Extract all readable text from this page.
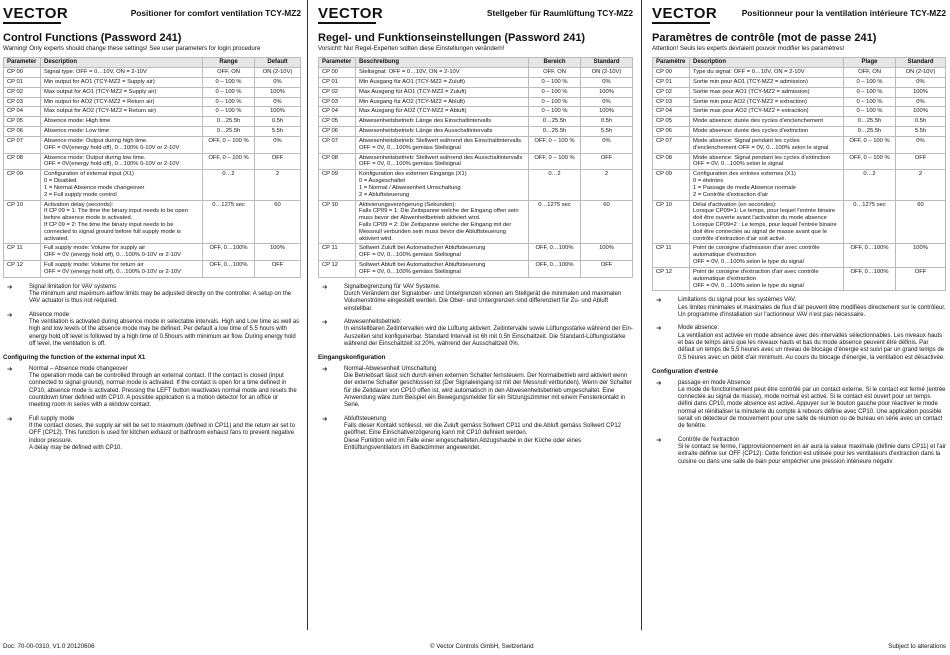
VECTOR	Positioner for comfort ventilation TCY-MZ2
Control Functions (Password 241)
Warning! Only experts should change these settings! See user parameters for login procedure
Parameter	Description	Range	Default
CP 00	Signal type: OFF = 0…10V, ON = 2-10V	OFF, ON	ON (2-10V)
CP 01	Min output for AO1 (TCY-MZ2 = Supply air)	0 – 100 %	0%
CP 02	Max output for AO1 (TCY-MZ2 = Supply air)	0 – 100 %	100%
CP 03	Min output for AO2 (TCY-MZ2 = Return air)	0 – 100 %	0%
CP 04	Max output for AO2 (TCY-MZ2 = Return air)	0 – 100 %	100%
CP 05	Absence mode: High time	0…25.5h	0.5h
CP 06	Absence mode: Low time	0…25.5h	5.5h
CP 07	Absence mode: Output during high time.
OFF = 0V(energy hold off), 0…100% 0-10V or 2-10V	OFF, 0 – 100 %	0%
CP 08	Absence mode: Output during low time.
OFF = 0V(energy hold off), 0…100% 0-10V or 2-10V	OFF, 0 – 100 %	OFF
CP 09	Configuration of external input (X1)
0 = Disabled
1 = Normal Absence mode changeover
2 = Full supply mode control	0…2	2
CP 10	Activation delay (seconds):
If CP 09 = 1: The time the binary input needs to be open before absence mode is activated.
If CP 09 = 2: The time the binary input needs to be connected to signal ground before full supply mode is activated.	0…1275 sec	60
CP 11	Full supply mode: Volume for supply air
OFF = 0V (energy hold off), 0…100% 0-10V or 2-10V	OFF, 0…100%	100%
CP 12	Full supply mode: Volume for return air
OFF = 0V (energy hold off), 0…100% 0-10V or 2-10V	OFF, 0…100%	OFF
➔	Signal limitation for VAV systems
The minimum and maximum airflow limits may be adjusted directly on the controller. A setup on the VAV actuator is thus not required.
➔	Absence mode
The ventilation is activated during absence mode in selectable intervals. High and Low time as well as high and low levels of the absence mode may be defined. Per default a low time of 5.5 hours with energy hold off level is followed by a high time of 0.5hours with minimum air flow. During energy hold off level, the ventilation is off.
Configuring the function of the external input X1
➔	Normal – Absence mode changeover
The operation mode can be controlled through an external contact. If the contact is closed (input connected to signal ground), normal mode is activated. If the contact is open for a time defined in CP10, absence mode is activated. Pressing the LEFT button reactivates normal mode and resets the countdown timer defined with CP10. A possible application is a motion detector for an office or meeting room in series with a window contact.
➔	Full supply mode
If the contact closes, the supply air will be set to maximum (defined in CP11) and the return air set to OFF (CP12). This function is used for kitchen exhaust or bathroom exhaust fans to prevent negative indoor pressure.
A delay may be defined with CP10.
VECTOR	Stellgeber für Raumlüftung TCY-MZ2
Regel- und Funktionseinstellungen (Password 241)
Vorsicht! Nur Regel-Experten sollten diese Einstellungen verändern!
Parameter	Beschreibung	Bereich	Standard
CP 00	Stellsignal: OFF = 0…10V, ON = 2-10V	OFF, ON	ON (2-10V)
CP 01	Min Ausgang für AO1 (TCY-MZ2 = Zuluft)	0 – 100 %	0%
CP 02	Max Ausgang für AO1 (TCY-MZ2 = Zuluft)	0 – 100 %	100%
CP 03	Min Ausgang für AO2 (TCY-MZ2 = Abluft)	0 – 100 %	0%
CP 04	Max Ausgang für AO2 (TCY-MZ2 = Abluft)	0 – 100 %	100%
CP 05	Abwesenheitsbetrieb: Länge des Einschaltintervalls	0…25.5h	0.5h
CP 06	Abwesenheitsbetrieb: Länge des Ausschaltintervalls	0…25.5h	5.5h
CP 07	Abwesenheitsbetrieb: Stellwert während des Einschaltintervalls.
OFF = 0V, 0…100% gemäss Stellsignal	OFF, 0 – 100 %	0%
CP 08	Abwesenheitsbetrieb: Stellwert während des Ausschaltintervalls
OFF = 0V, 0…100% gemäss Stellsignal	OFF, 0 – 100 %	OFF
CP 09	Konfiguration des externen Eingangs (X1)
0 = Ausgeschaltet
1 = Normal / Abwesenheit Umschaltung
2 = Abluftsteuerung	0…2	2
CP 10	Aktivierungsverzögerung (Sekunden):
Falls CP09 = 1: Die Zeitspanne welche der Eingang offen sein muss bevor der Abwenheitbetrieb aktiviert wird.
Falls CP09 = 2: Die Zeitspanne welche der Eingang mit der Messnull verbunden sein muss bevor die Abluftsteuerung aktiviert wird.	0…1275 sec	60
CP 11	Sollwert Zuluft bei Automatischer Abluftsteuerung
OFF = 0V, 0…100% gemäss Stellsignal	OFF, 0…100%	100%
CP 12	Sollwert Abluft bei Automatischer Abluftsteuerung
OFF = 0V, 0…100% gemäss Stellsignal	OFF, 0…100%	OFF
➔	Signalbegrenzung für VAV Systeme.
Durch Verändern der Signalober- und Untergrenzen können am Stellgerät die minimalen und maximalen Volumenströme eingestellt werden. Die Ober- und Untergrenzen sind differenziert für Zu- und Abluft einstellbar.
➔	Abwesenheitsbetrieb:
In einstellbaren Zeitintervallen wird die Lüftung aktiviert. Zeitintervalle sowie Lüftungsstärke während der Ein-Auszeiten sind konfigurierbar. Standard Intervall ist 6h mit 0.5h Einschaltzeit. Die Standard-Lüftungsstärke während der Einschaltzeit ist 20%, während der Ausschaltzeit 0%.
Eingangskonfiguration
➔	Normal-Abwesenheit Umschaltung
Die Betriebsart lässt sich durch einen externen Schalter fernsteuern. Der Normalbetrieb wird aktiviert wenn der externe Schalter geschlossen ist (Der Signaleingang ist mit der Messnull verbunden). Wenn der Schalter für die Zeitdauer von CP10 offen ist, wird automatisch in den Abwesenheitsbetrieb umgeschaltet. Eine Anwendung wäre zum Beispiel ein Bewegungsmelder für ein Sitzungszimmer mit einem Fensterkontakt in Serie.
➔	Abluftsteuerung
Falls dieser Kontakt schliesst, wir die Zuluft gemäss Sollwert CP11 und die Abluft gemäss Sollwert CP12 geöffnet. Eine Einschaltverzögerung kann mit CP10 definiert werden.
Diese Funktion wird im Falle einer eingeschalteten Abzugshaube in der Küche oder eines Entlüftungsventilators im Badezimmer angewendet.
VECTOR	Positionneur pour la ventilation intérieure TCY-MZ2
Paramètres de contrôle (mot de passe 241)
Attention! Seuls les experts devraient pouvoir modifier les paramètres!
Paramètre	Description	Plage	Standard
CP 00	Type du signal: OFF = 0…10V, ON = 2-10V	OFF, ON	ON (2-10V)
CP 01	Sortie min pour AO1 (TCY-MZ2 = admission)	0 – 100 %	0%
CP 02	Sortie max pour AO1 (TCY-MZ2 = admission)	0 – 100 %	100%
CP 03	Sortie min pour AO2 (TCY-MZ2 = extraction)	0 – 100 %	0%
CP 04	Sortie max pour AO2 (TCY-MZ2 = extraction)	0 – 100 %	100%
CP 05	Mode absence: durée des cycles d'enclenchement	0…25.5h	0.5h
CP 06	Mode absence: durée des cycles d'extinction	0…25.5h	5.5h
CP 07	Mode absence: Signal pendant les cycles d'enclenchement OFF = 0V, 0…100% selon le signal	OFF, 0 – 100 %	0%
CP 08	Mode absence: Signal pendant les cycles d'extinction OFF = 0V, 0…100% selon le signal	OFF, 0 – 100 %	OFF
CP 09	Configuration des entrées externes (X1)
0 = éteintes
1 = Passage de mode Absence normale
2 = Contrôle d'extraction d'air	0…2	2
CP 10	Délai d'activation (en secondes):
Lorsque CP09=1: Le temps, pour lequel l'entrée binaire doit être ouverte avant l'activation du mode absence
Lorsque CP09=2 : Le temps, pour lequel l'entrée binaire doit être connectée au signal de masse avant que le contrôle d'extraction d'air soit activé.	0…1275 sec	60
CP 11	Point de consigne d'admission d'air avec contrôle automatique d'extraction
OFF = 0V, 0…100% selon le type du signal	OFF, 0…100%	100%
CP 12	Point de consigne d'extraction d'air avec contrôle automatique d'extraction
OFF = 0V, 0…100% selon le type du signal	OFF, 0…100%	OFF
➔	Limitations du signal pour les systèmes VAV.
Les limites minimales et maximales de flux d'air peuvent être modifiées directement sur le contrôleur. Un programme d'installation sur l'actionneur VAV n'est pas nécessaire.
➔	Mode absence:
La ventilation est activée en mode absence avec des intervalles sélectionnables. Les niveaux hauts et bas de temps ainsi que les niveaux hauts et bas du mode absence peuvent être définis. Par défaut un temps de 5,5 heures avec un niveau de blocage d'énergie est suivi par un grand temps de 0,5 heures avec un débit d'air minimum. Au cours du blocage d'énergie, la ventilation est désactivée.
Configuration d'entrée
➔	passage en mode Absence
Le mode de fonctionnement peut être contrôlé par un contact externe. Si le contact est fermé (entrée connectée au signal de masse), mode normal est activé. Si le contact est ouvert pour un temps défini dans CP10, mode absence est activé. Appuyer sur le bouton gauche pour réactiver le mode normal et réinitialiser la minuterie du compte à rebours définie avec CP10. Une application possible serait un détecteur de mouvement pour une salle de réunion ou de bureau en série avec un contact de fenêtre.
➔	Contrôle de l'extraction
Si le contact se ferme, l'approvisionnement en air aura la valeur maximale (définie dans CP11) et l'air extraite définie sur OFF (CP12). Cette fonction est utilisée pour les ventilateurs d'extraction dans la cuisine ou dans une salle de bain pour empêcher une pression intérieure négativ
Doc: 70-00-0310, V1.0 20120606	© Vector Controls GmbH, Switzerland	Subject to alterations
